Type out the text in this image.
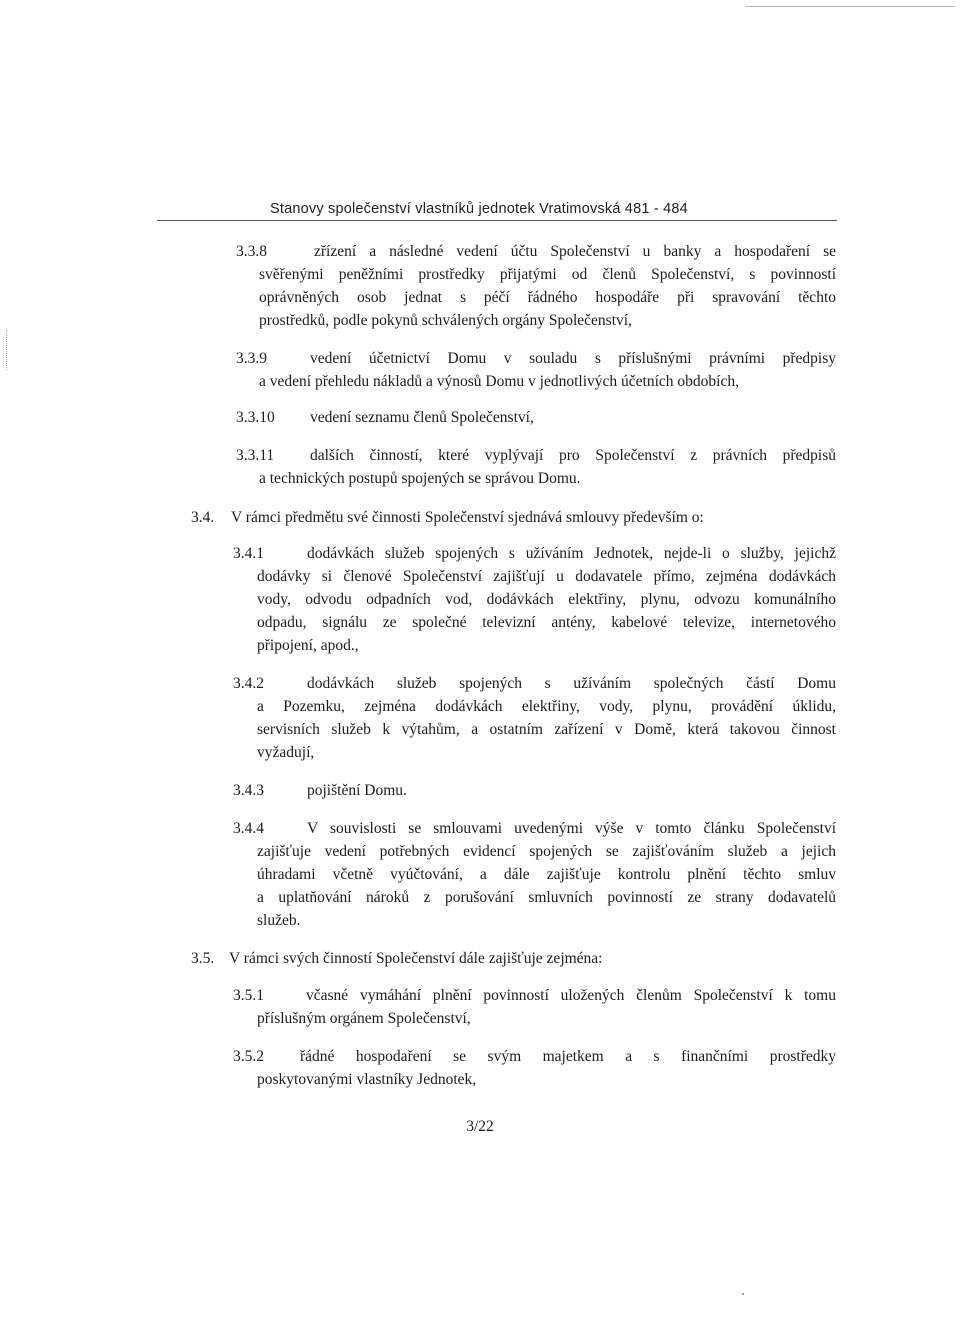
Stanovy společenství vlastníků jednotek Vratimovská 481 - 484
3.3.8	zřízení a následné vedení účtu Společenství u banky a hospodaření se
svěřenými peněžními prostředky přijatými od členů Společenství, s povinností
oprávněných osob jednat s péčí řádného hospodáře při spravování těchto
prostředků, podle pokynů schválených orgány Společenství,
3.3.9	vedení účetnictví Domu v souladu s příslušnými právními předpisy
a vedení přehledu nákladů a výnosů Domu v jednotlivých účetních obdobích,
3.3.10 vedení seznamu členů Společenství,
3.3.11 dalších činností, které vyplývají pro Společenství z právních předpisů
a technických postupů spojených se správou Domu.
3.4. V rámci předmětu své činnosti Společenství sjednává smlouvy především o:
3.4.1	dodávkách služeb spojených s užíváním Jednotek, nejde-li o služby, jejichž
dodávky si členové Společenství zajišťují u dodavatele přímo, zejména dodávkách
vody, odvodu odpadních vod, dodávkách elektřiny, plynu, odvozu komunálního
odpadu, signálu ze společné televizní antény, kabelové televize, internetového
připojení, apod.,
3.4.2	dodávkách služeb spojených s užíváním společných částí Domu
a Pozemku, zejména dodávkách elektřiny, vody, plynu, provádění úklidu,
servisních služeb k výtahům, a ostatním zařízení v Domě, která takovou činnost
vyžadují,
3.4.3	pojištění Domu.
3.4.4	V souvislosti se smlouvami uvedenými výše v tomto článku Společenství
zajišťuje vedení potřebných evidencí spojených se zajišťováním služeb a jejich
úhradami včetně vyúčtování, a dále zajišťuje kontrolu plnění těchto smluv
a uplatňování nároků z porušování smluvních povinností ze strany dodavatelů
služeb.
3.5. V rámci svých činností Společenství dále zajišťuje zejména:
3.5.1	včasné vymáhání plnění povinností uložených členům Společenství k tomu
příslušným orgánem Společenství,
3.5.2 řádné hospodaření se svým majetkem a s finančními prostředky
poskytovanými vlastníky Jednotek,
3/22
